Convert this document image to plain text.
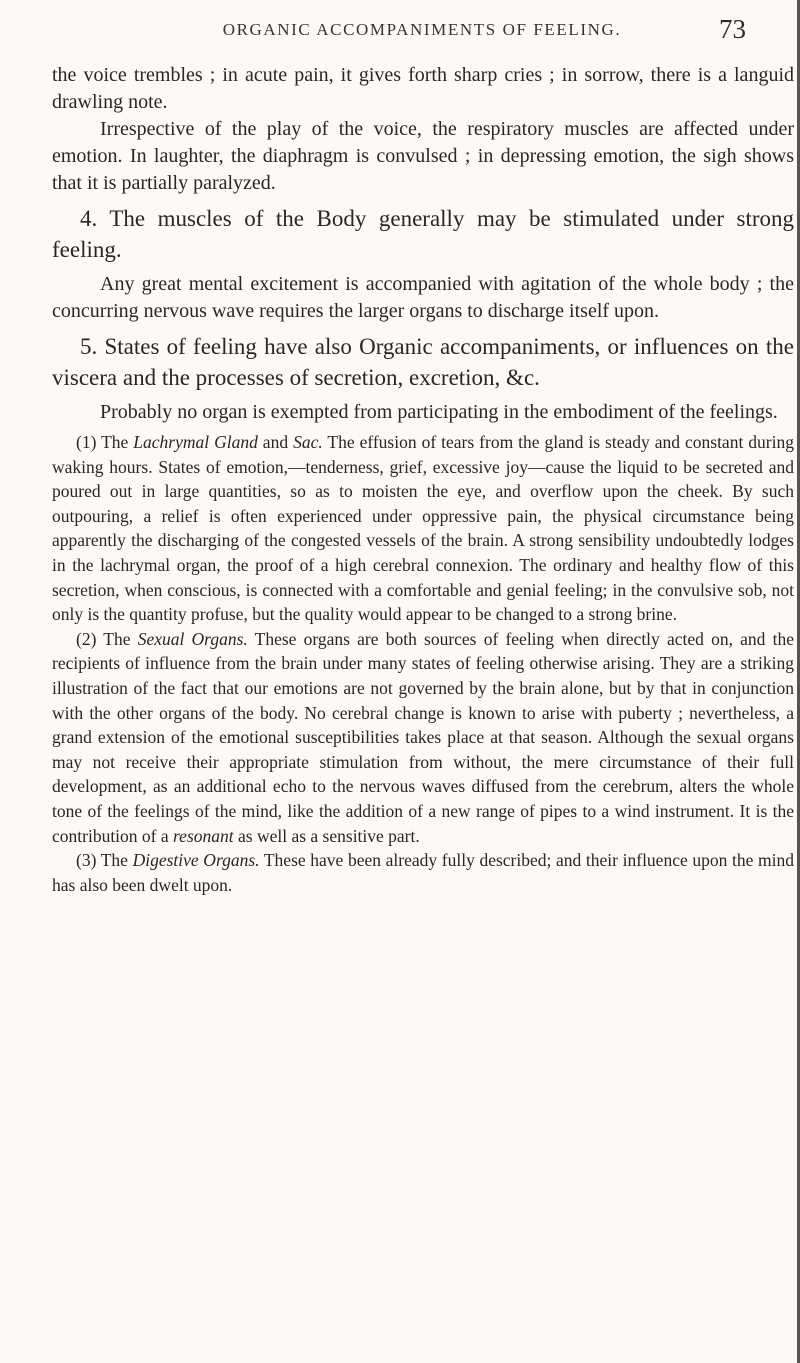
ORGANIC ACCOMPANIMENTS OF FEELING.	73

the voice trembles ; in acute pain, it gives forth sharp cries ; in sorrow, there is a languid drawling note.

Irrespective of the play of the voice, the respiratory muscles are affected under emotion. In laughter, the diaphragm is convulsed ; in depressing emotion, the sigh shows that it is partially paralyzed.

4. The muscles of the Body generally may be stimulated under strong feeling.

Any great mental excitement is accompanied with agitation of the whole body ; the concurring nervous wave requires the larger organs to discharge itself upon.

5. States of feeling have also Organic accompaniments, or influences on the viscera and the processes of secretion, excretion, &c.

Probably no organ is exempted from participating in the embodiment of the feelings.

(1) The Lachrymal Gland and Sac. The effusion of tears from the gland is steady and constant during waking hours. States of emotion,—tenderness, grief, excessive joy—cause the liquid to be secreted and poured out in large quantities, so as to moisten the eye, and overflow upon the cheek. By such outpouring, a relief is often experienced under oppressive pain, the physical circumstance being apparently the discharging of the congested vessels of the brain. A strong sensibility undoubtedly lodges in the lachrymal organ, the proof of a high cerebral connexion. The ordinary and healthy flow of this secretion, when conscious, is connected with a comfortable and genial feeling; in the convulsive sob, not only is the quantity profuse, but the quality would appear to be changed to a strong brine.

(2) The Sexual Organs. These organs are both sources of feeling when directly acted on, and the recipients of influence from the brain under many states of feeling otherwise arising. They are a striking illustration of the fact that our emotions are not governed by the brain alone, but by that in conjunction with the other organs of the body. No cerebral change is known to arise with puberty ; nevertheless, a grand extension of the emotional susceptibilities takes place at that season. Although the sexual organs may not receive their appropriate stimulation from without, the mere circumstance of their full development, as an additional echo to the nervous waves diffused from the cerebrum, alters the whole tone of the feelings of the mind, like the addition of a new range of pipes to a wind instrument. It is the contribution of a resonant as well as a sensitive part.

(3) The Digestive Organs. These have been already fully described; and their influence upon the mind has also been dwelt upon.
